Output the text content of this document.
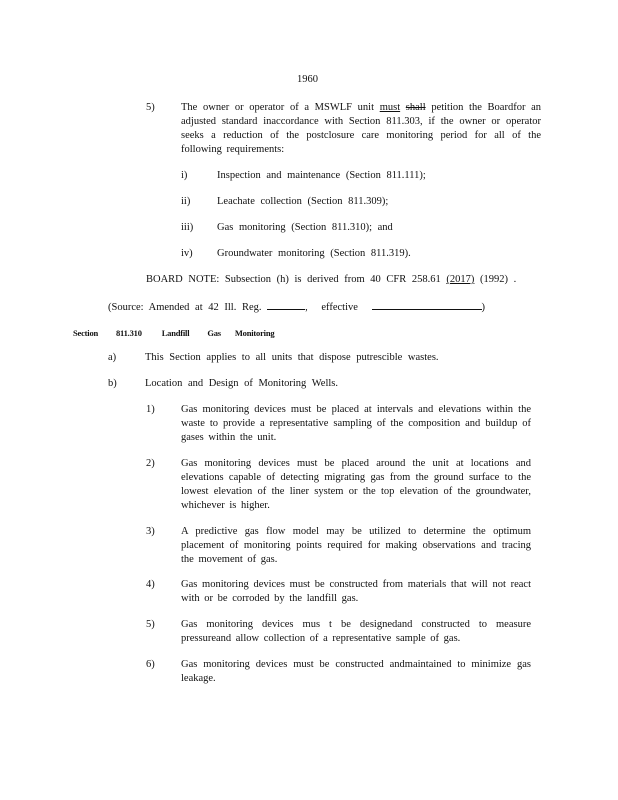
1960
5)	The owner or operator of a MSWLF unit must shall petition the Boardfor an adjusted standard inaccordance with Section 811.303, if the owner or operator seeks a reduction of the postclosure care monitoring period for all of the following requirements:
i)	Inspection and maintenance (Section 811.111);
ii)	Leachate collection (Section 811.309);
iii) Gas monitoring (Section 811.310); and
iv) Groundwater monitoring (Section 811.319).
BOARD NOTE: Subsection (h) is derived from 40 CFR 258.61 (2017) (1992) .
(Source: Amended at 42 Ill. Reg.	, effective	)
Section 811.310 Landfill Gas Monitoring
a)	This Section applies to all units that dispose putrescible wastes.
b)	Location and Design of Monitoring Wells.
1)	Gas monitoring devices must be placed at intervals and elevations within the waste to provide a representative sampling of the composition and buildup of gases within the unit.
2)	Gas monitoring devices must be placed around the unit at locations and elevations capable of detecting migrating gas from the ground surface to the lowest elevation of the liner system or the top elevation of the groundwater, whichever is higher.
3)	A predictive gas flow model may be utilized to determine the optimum placement of monitoring points required for making observations and tracing the movement of gas.
4)	Gas monitoring devices must be constructed from materials that will not react with or be corroded by the landfill gas.
5)	Gas monitoring devices mus t be designedand constructed to measure pressureand allow collection of a representative sample of gas.
6)	Gas monitoring devices must be constructed andmaintained to minimize gas leakage.
